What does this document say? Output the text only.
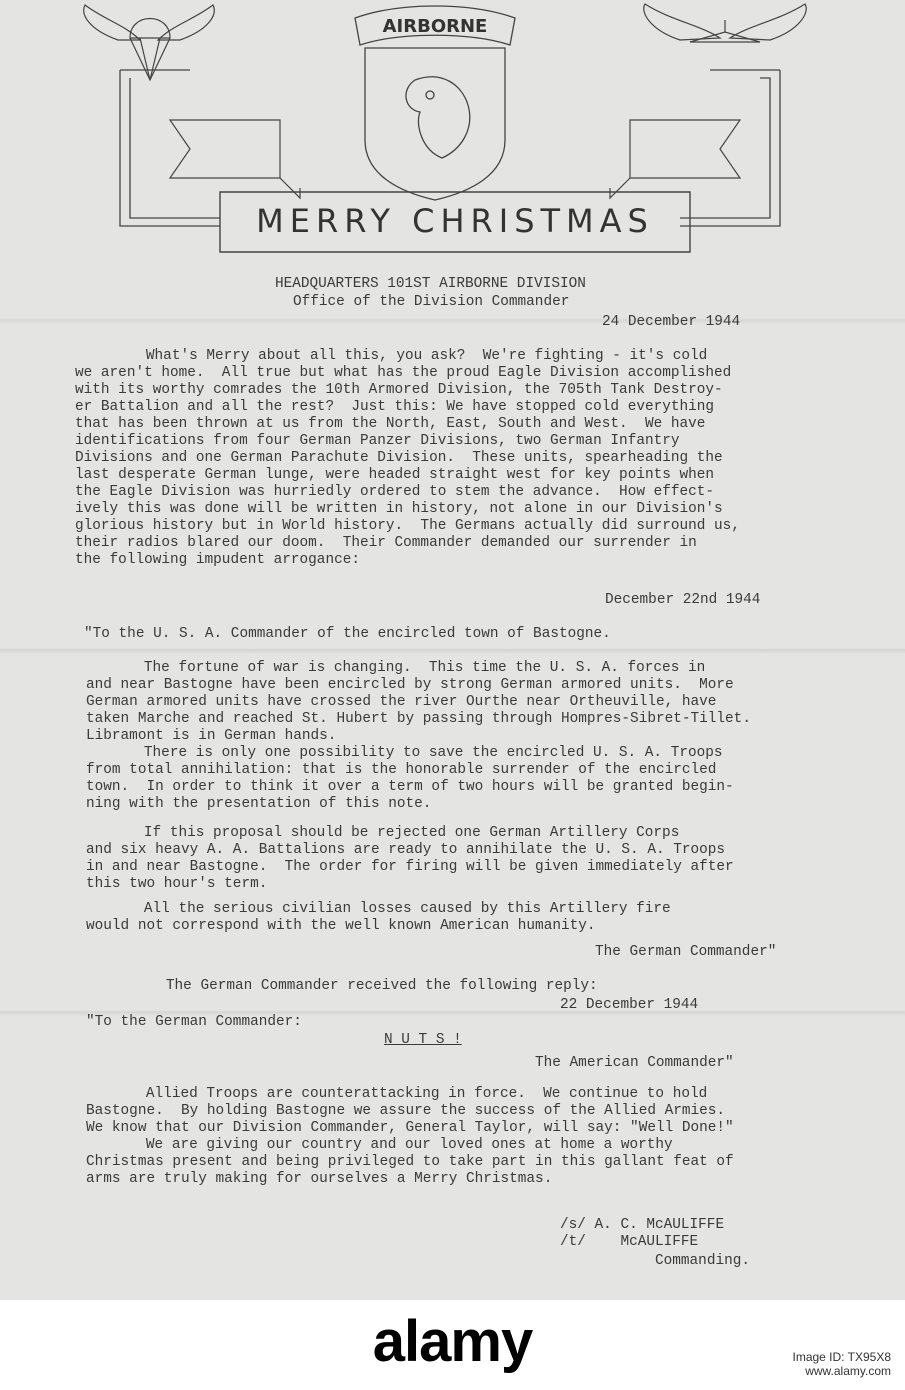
AIRBORNE
MERRY CHRISTMAS
HEADQUARTERS 101ST AIRBORNE DIVISION
Office of the Division Commander
24 December 1944
What's Merry about all this, you ask?  We're fighting - it's cold
we aren't home.  All true but what has the proud Eagle Division accomplished
with its worthy comrades the 10th Armored Division, the 705th Tank Destroy-
er Battalion and all the rest?  Just this: We have stopped cold everything
that has been thrown at us from the North, East, South and West.  We have
identifications from four German Panzer Divisions, two German Infantry
Divisions and one German Parachute Division.  These units, spearheading the
last desperate German lunge, were headed straight west for key points when
the Eagle Division was hurriedly ordered to stem the advance.  How effect-
ively this was done will be written in history, not alone in our Division's
glorious history but in World history.  The Germans actually did surround us,
their radios blared our doom.  Their Commander demanded our surrender in
the following impudent arrogance:
December 22nd 1944
"To the U. S. A. Commander of the encircled town of Bastogne.
The fortune of war is changing.  This time the U. S. A. forces in
and near Bastogne have been encircled by strong German armored units.  More
German armored units have crossed the river Ourthe near Ortheuville, have
taken Marche and reached St. Hubert by passing through Hompres-Sibret-Tillet.
Libramont is in German hands.
There is only one possibility to save the encircled U. S. A. Troops
from total annihilation: that is the honorable surrender of the encircled
town.  In order to think it over a term of two hours will be granted begin-
ning with the presentation of this note.
If this proposal should be rejected one German Artillery Corps
and six heavy A. A. Battalions are ready to annihilate the U. S. A. Troops
in and near Bastogne.  The order for firing will be given immediately after
this two hour's term.
All the serious civilian losses caused by this Artillery fire
would not correspond with the well known American humanity.
The German Commander"
The German Commander received the following reply:
22 December 1944
"To the German Commander:
N U T S !
The American Commander"
Allied Troops are counterattacking in force.  We continue to hold
Bastogne.  By holding Bastogne we assure the success of the Allied Armies.
We know that our Division Commander, General Taylor, will say: "Well Done!"
We are giving our country and our loved ones at home a worthy
Christmas present and being privileged to take part in this gallant feat of
arms are truly making for ourselves a Merry Christmas.
/s/ A. C. McAULIFFE
/t/    McAULIFFE
Commanding.
alamy	Image ID: TX95X8
www.alamy.com
